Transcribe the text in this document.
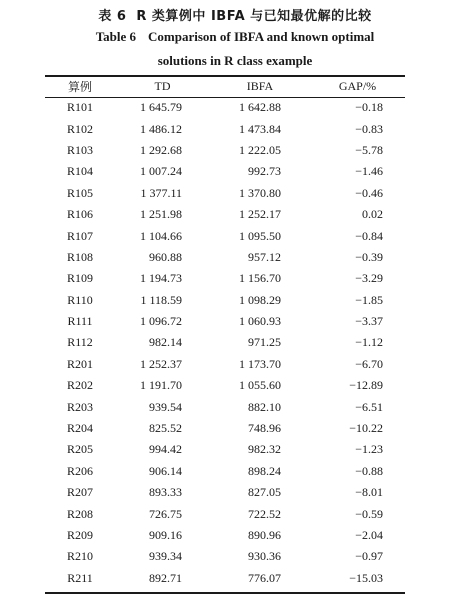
表 6 R 类算例中 IBFA 与已知最优解的比较
Table 6 Comparison of IBFA and known optimal
solutions in R class example
算例	TD	IBFA	GAP/%
R101	1 645.79	1 642.88	−0.18
R102	1 486.12	1 473.84	−0.83
R103	1 292.68	1 222.05	−5.78
R104	1 007.24	992.73	−1.46
R105	1 377.11	1 370.80	−0.46
R106	1 251.98	1 252.17	0.02
R107	1 104.66	1 095.50	−0.84
R108	960.88	957.12	−0.39
R109	1 194.73	1 156.70	−3.29
R110	1 118.59	1 098.29	−1.85
R111	1 096.72	1 060.93	−3.37
R112	982.14	971.25	−1.12
R201	1 252.37	1 173.70	−6.70
R202	1 191.70	1 055.60	−12.89
R203	939.54	882.10	−6.51
R204	825.52	748.96	−10.22
R205	994.42	982.32	−1.23
R206	906.14	898.24	−0.88
R207	893.33	827.05	−8.01
R208	726.75	722.52	−0.59
R209	909.16	890.96	−2.04
R210	939.34	930.36	−0.97
R211	892.71	776.07	−15.03
